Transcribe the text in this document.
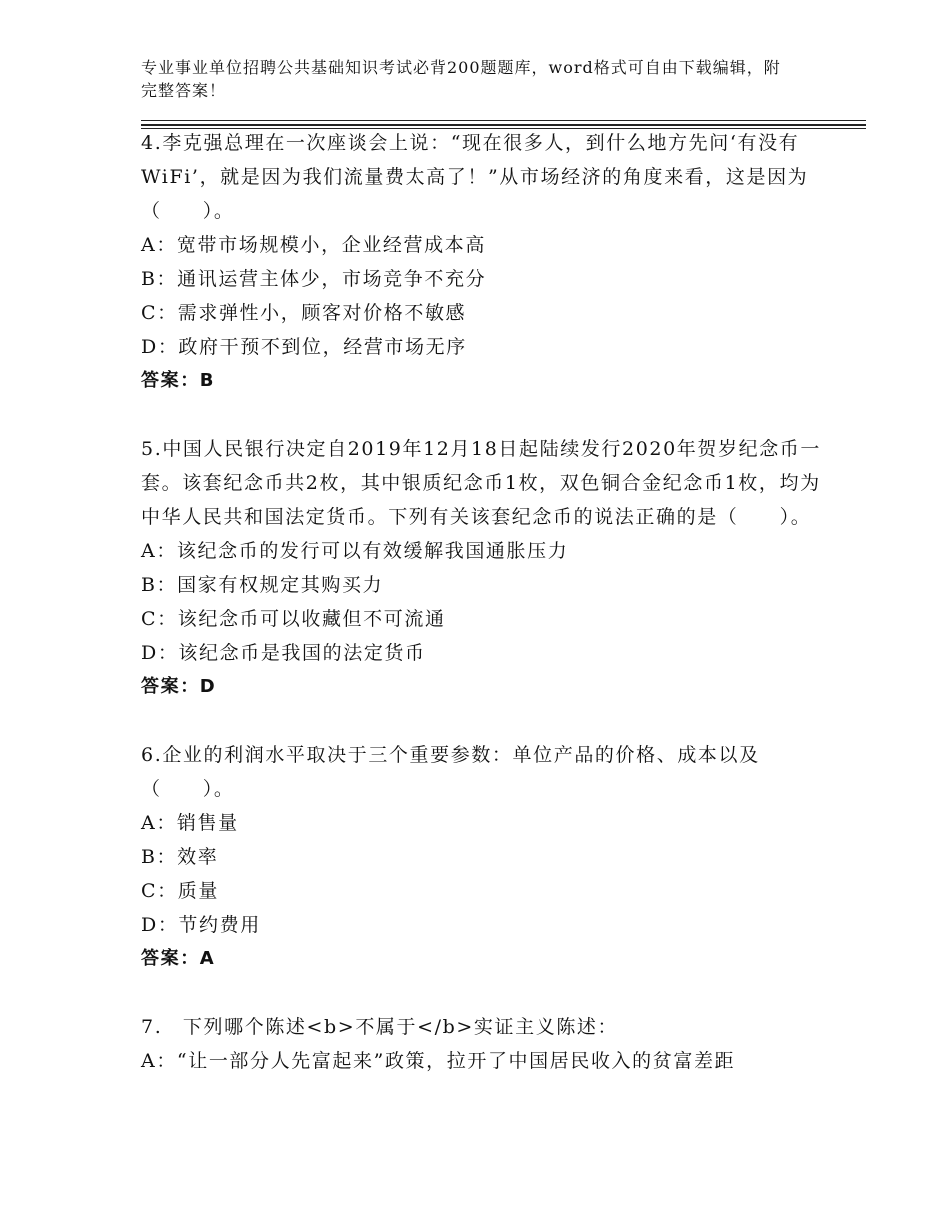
专业事业单位招聘公共基础知识考试必背200题题库，word格式可自由下载编辑，附完整答案！

4.李克强总理在一次座谈会上说：“现在很多人，到什么地方先问‘有没有WiFi’，就是因为我们流量费太高了！”从市场经济的角度来看，这是因为（　　）。

A：宽带市场规模小，企业经营成本高

B：通讯运营主体少，市场竞争不充分

C：需求弹性小，顾客对价格不敏感

D：政府干预不到位，经营市场无序

答案：B

5.中国人民银行决定自2019年12月18日起陆续发行2020年贺岁纪念币一套。该套纪念币共2枚，其中银质纪念币1枚，双色铜合金纪念币1枚，均为中华人民共和国法定货币。下列有关该套纪念币的说法正确的是（　　）。

A：该纪念币的发行可以有效缓解我国通胀压力

B：国家有权规定其购买力

C：该纪念币可以收藏但不可流通

D：该纪念币是我国的法定货币

答案：D

6.企业的利润水平取决于三个重要参数：单位产品的价格、成本以及（　　）。

A：销售量

B：效率

C：质量

D：节约费用

答案：A

7.　下列哪个陈述<b>不属于</b>实证主义陈述：

A：“让一部分人先富起来”政策，拉开了中国居民收入的贫富差距
